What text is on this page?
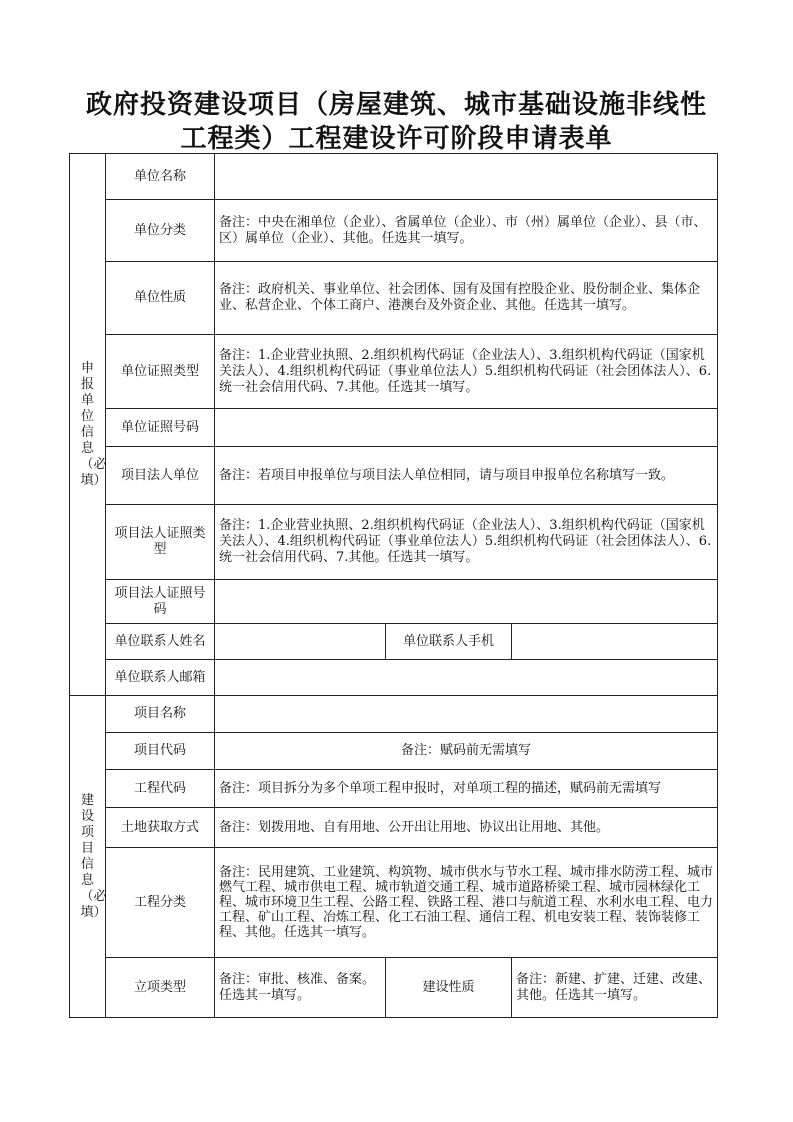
政府投资建设项目（房屋建筑、城市基础设施非线性
工程类）工程建设许可阶段申请表单
申报单位信息（必填）	单位名称			
	单位分类	备注：中央在湘单位（企业）、省属单位（企业）、市（州）属单位（企业）、县（市、区）属单位（企业）、其他。任选其一填写。		
	单位性质	备注：政府机关、事业单位、社会团体、国有及国有控股企业、股份制企业、集体企业、私营企业、个体工商户、港澳台及外资企业、其他。任选其一填写。		
	单位证照类型	备注：1.企业营业执照、2.组织机构代码证（企业法人）、3.组织机构代码证（国家机关法人）、4.组织机构代码证（事业单位法人）5.组织机构代码证（社会团体法人）、6.统一社会信用代码、7.其他。任选其一填写。		
	单位证照号码			
	项目法人单位	备注：若项目申报单位与项目法人单位相同，请与项目申报单位名称填写一致。		
	项目法人证照类型	备注：1.企业营业执照、2.组织机构代码证（企业法人）、3.组织机构代码证（国家机关法人）、4.组织机构代码证（事业单位法人）5.组织机构代码证（社会团体法人）、6.统一社会信用代码、7.其他。任选其一填写。		
	项目法人证照号码			
	单位联系人姓名		单位联系人手机	
	单位联系人邮箱			

建设项目信息（必填）	项目名称			
	项目代码	备注：赋码前无需填写		
	工程代码	备注：项目拆分为多个单项工程申报时，对单项工程的描述，赋码前无需填写		
	土地获取方式	备注：划拨用地、自有用地、公开出让用地、协议出让用地、其他。		
	工程分类	备注：民用建筑、工业建筑、构筑物、城市供水与节水工程、城市排水防涝工程、城市燃气工程、城市供电工程、城市轨道交通工程、城市道路桥梁工程、城市园林绿化工程、城市环境卫生工程、公路工程、铁路工程、港口与航道工程、水利水电工程、电力工程、矿山工程、冶炼工程、化工石油工程、通信工程、机电安装工程、装饰装修工程、其他。任选其一填写。		
	立项类型	备注：审批、核准、备案。任选其一填写。	建设性质	备注：新建、扩建、迁建、改建、其他。任选其一填写。
